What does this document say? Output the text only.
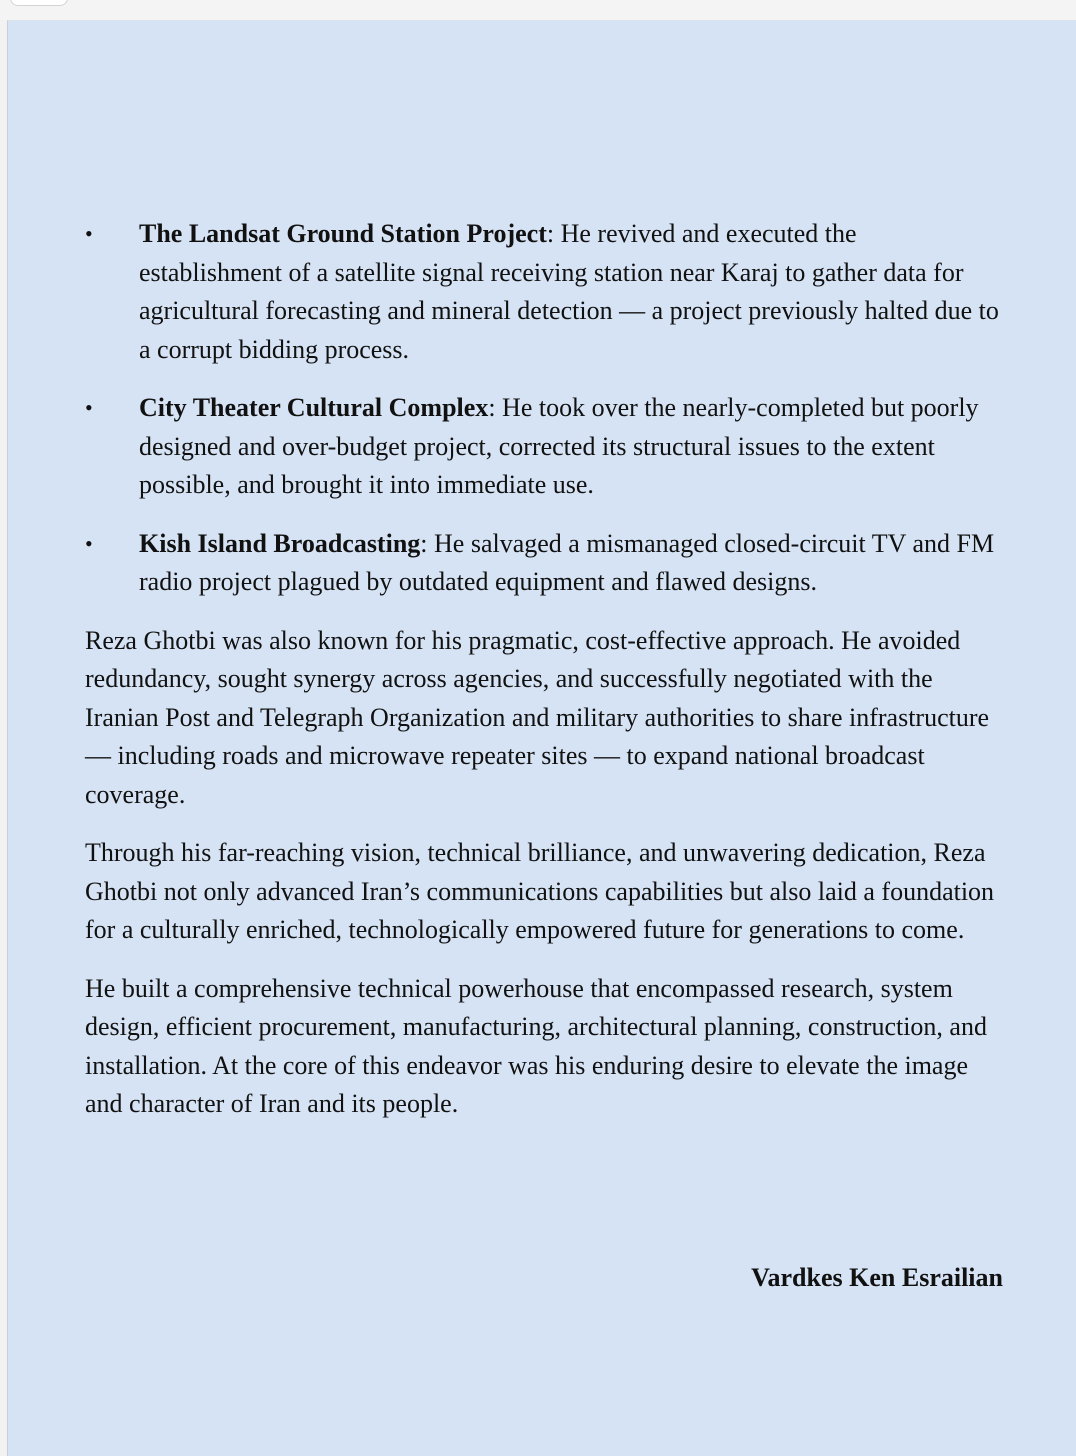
• The Landsat Ground Station Project: He revived and executed the establishment of a satellite signal receiving station near Karaj to gather data for agricultural forecasting and mineral detection — a project previously halted due to a corrupt bidding process.
• City Theater Cultural Complex: He took over the nearly-completed but poorly designed and over-budget project, corrected its structural issues to the extent possible, and brought it into immediate use.
• Kish Island Broadcasting: He salvaged a mismanaged closed-circuit TV and FM radio project plagued by outdated equipment and flawed designs.

Reza Ghotbi was also known for his pragmatic, cost-effective approach. He avoided redundancy, sought synergy across agencies, and successfully negotiated with the Iranian Post and Telegraph Organization and military authorities to share infrastructure — including roads and microwave repeater sites — to expand national broadcast coverage.

Through his far-reaching vision, technical brilliance, and unwavering dedication, Reza Ghotbi not only advanced Iran’s communications capabilities but also laid a foundation for a culturally enriched, technologically empowered future for generations to come.

He built a comprehensive technical powerhouse that encompassed research, system design, efficient procurement, manufacturing, architectural planning, construction, and installation. At the core of this endeavor was his enduring desire to elevate the image and character of Iran and its people.

Vardkes Ken Esrailian
